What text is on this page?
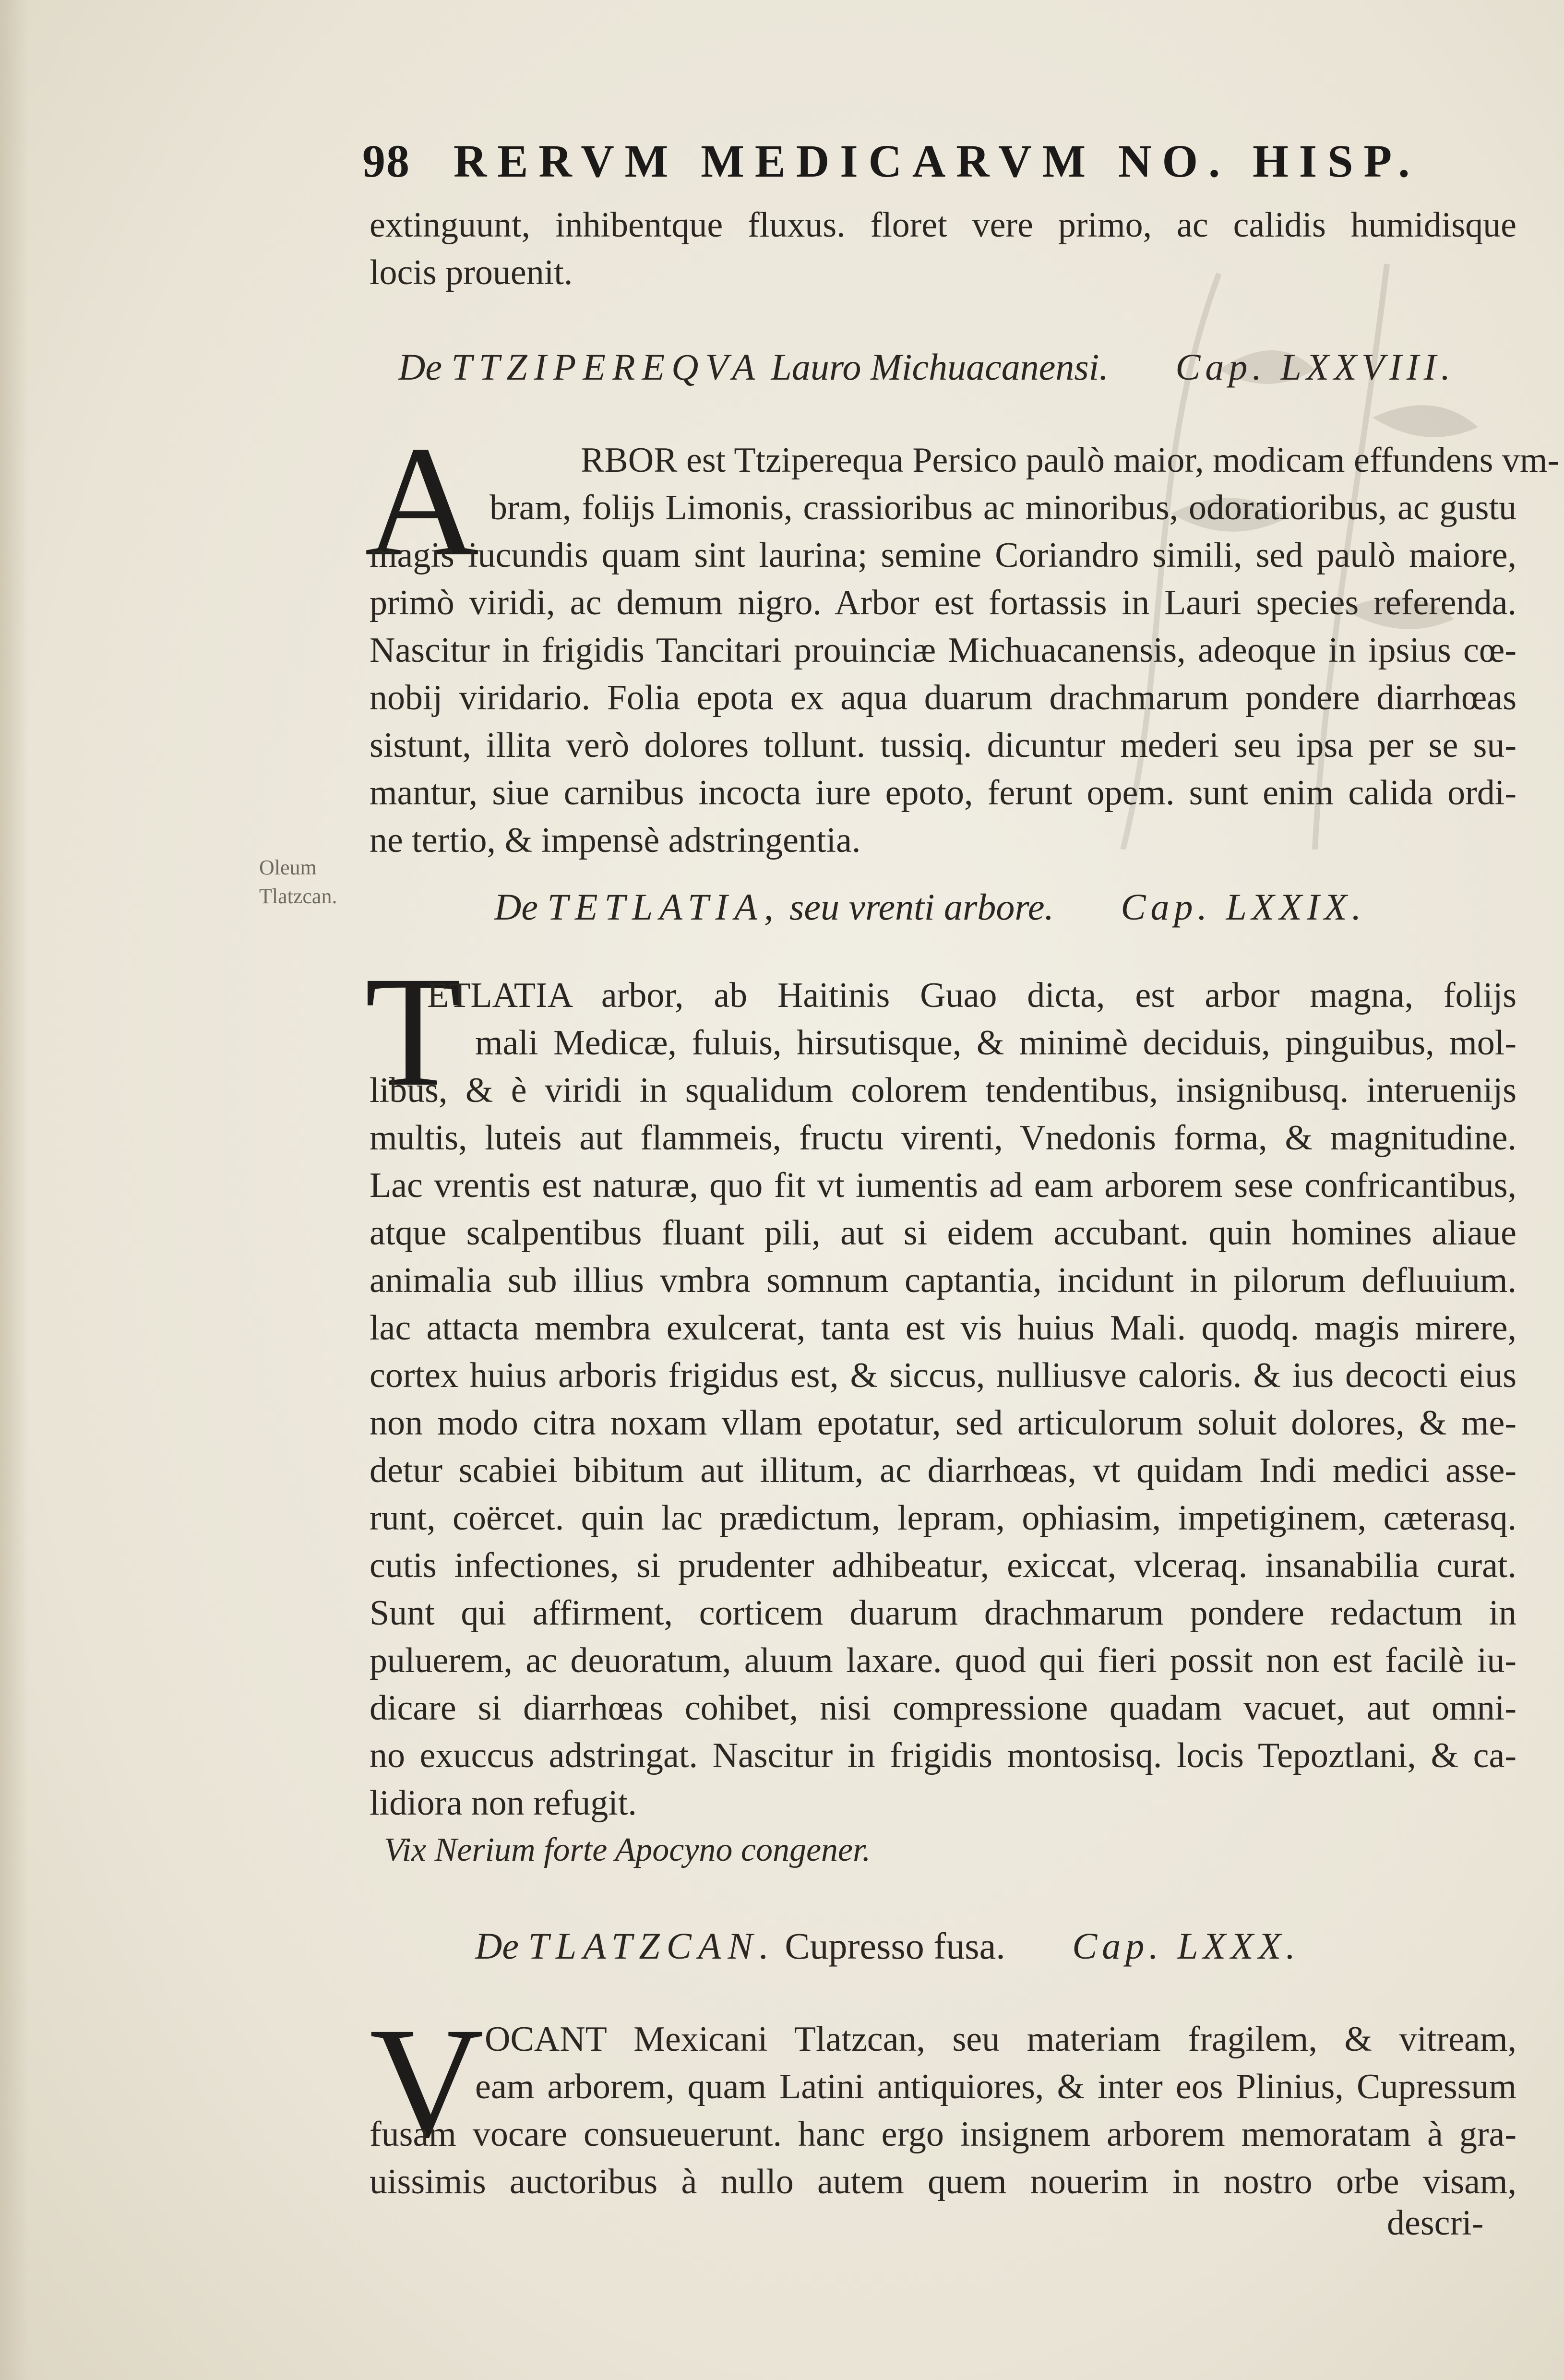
98 RERVM MEDICARVM NO. HISP.
extinguunt, inhibentque fluxus. floret vere primo, ac calidis humidisque
locis prouenit.
De TTZIPEREQVA Lauro Michuacanensi. Cap. LXXVIII.
A	RBOR est Ttziperequa Persico paulò maior, modicam effundens vm-
bram, folijs Limonis, crassioribus ac minoribus, odoratioribus, ac gustu
magis iucundis quam sint laurina; semine Coriandro simili, sed paulò maiore,
primò viridi, ac demum nigro. Arbor est fortassis in Lauri species referenda.
Nascitur in frigidis Tancitari prouinciæ Michuacanensis, adeoque in ipsius cœ-
nobij viridario. Folia epota ex aqua duarum drachmarum pondere diarrhœas
sistunt, illita verò dolores tollunt. tussiq. dicuntur mederi seu ipsa per se su-
mantur, siue carnibus incocta iure epoto, ferunt opem. sunt enim calida ordi-
ne tertio, & impensè adstringentia.
Oleum
Tlatzcan.	De TETLATIA, seu vrenti arbore. Cap. LXXIX.
T
ETLATIA arbor, ab Haitinis Guao dicta, est arbor magna, folijs
mali Medicæ, fuluis, hirsutisque, & minimè deciduis, pinguibus, mol-
libus, & è viridi in squalidum colorem tendentibus, insignibusq. interuenijs
multis, luteis aut flammeis, fructu virenti, Vnedonis forma, & magnitudine.
Lac vrentis est naturæ, quo fit vt iumentis ad eam arborem sese confricantibus,
atque scalpentibus fluant pili, aut si eidem accubant. quin homines aliaue
animalia sub illius vmbra somnum captantia, incidunt in pilorum defluuium.
lac attacta membra exulcerat, tanta est vis huius Mali. quodq. magis mirere,
cortex huius arboris frigidus est, & siccus, nulliusve caloris. & ius decocti eius
non modo citra noxam vllam epotatur, sed articulorum soluit dolores, & me-
detur scabiei bibitum aut illitum, ac diarrhœas, vt quidam Indi medici asse-
runt, coërcet. quin lac prædictum, lepram, ophiasim, impetiginem, cæterasq.
cutis infectiones, si prudenter adhibeatur, exiccat, vlceraq. insanabilia curat.
Sunt qui affirment, corticem duarum drachmarum pondere redactum in
puluerem, ac deuoratum, aluum laxare. quod qui fieri possit non est facilè iu-
dicare si diarrhœas cohibet, nisi compressione quadam vacuet, aut omni-
no exuccus adstringat. Nascitur in frigidis montosisq. locis Tepoztlani, & ca-
lidiora non refugit.
Vix Nerium forte Apocyno congener.
De TLATZCAN. Cupresso fusa. Cap. LXXX.
V OCANT Mexicani Tlatzcan, seu materiam fragilem, & vitream,
eam arborem, quam Latini antiquiores, & inter eos Plinius, Cupressum
fusam vocare consueuerunt. hanc ergo insignem arborem memoratam à gra-
uissimis auctoribus à nullo autem quem nouerim in nostro orbe visam,
descri-
